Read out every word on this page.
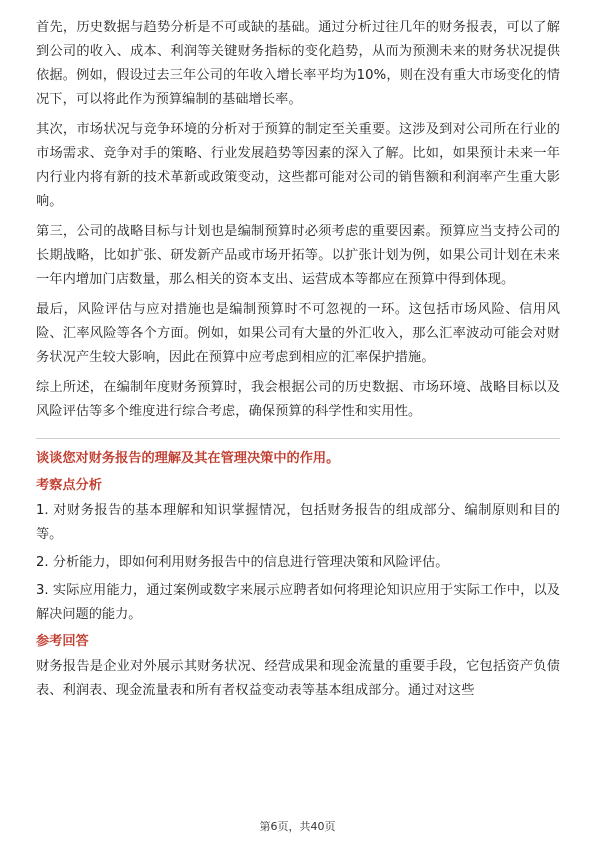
首先，历史数据与趋势分析是不可或缺的基础。通过分析过往几年的财务报表，可以了解到公司的收入、成本、利润等关键财务指标的变化趋势，从而为预测未来的财务状况提供依据。例如，假设过去三年公司的年收入增长率平均为10%，则在没有重大市场变化的情况下，可以将此作为预算编制的基础增长率。

其次，市场状况与竞争环境的分析对于预算的制定至关重要。这涉及到对公司所在行业的市场需求、竞争对手的策略、行业发展趋势等因素的深入了解。比如，如果预计未来一年内行业内将有新的技术革新或政策变动，这些都可能对公司的销售额和利润率产生重大影响。

第三，公司的战略目标与计划也是编制预算时必须考虑的重要因素。预算应当支持公司的长期战略，比如扩张、研发新产品或市场开拓等。以扩张计划为例，如果公司计划在未来一年内增加门店数量，那么相关的资本支出、运营成本等都应在预算中得到体现。

最后，风险评估与应对措施也是编制预算时不可忽视的一环。这包括市场风险、信用风险、汇率风险等各个方面。例如，如果公司有大量的外汇收入，那么汇率波动可能会对财务状况产生较大影响，因此在预算中应考虑到相应的汇率保护措施。

综上所述，在编制年度财务预算时，我会根据公司的历史数据、市场环境、战略目标以及风险评估等多个维度进行综合考虑，确保预算的科学性和实用性。

谈谈您对财务报告的理解及其在管理决策中的作用。

考察点分析

1. 对财务报告的基本理解和知识掌握情况，包括财务报告的组成部分、编制原则和目的等。

2. 分析能力，即如何利用财务报告中的信息进行管理决策和风险评估。

3. 实际应用能力，通过案例或数字来展示应聘者如何将理论知识应用于实际工作中，以及解决问题的能力。

参考回答

财务报告是企业对外展示其财务状况、经营成果和现金流量的重要手段，它包括资产负债表、利润表、现金流量表和所有者权益变动表等基本组成部分。通过对这些

第6页，共40页
